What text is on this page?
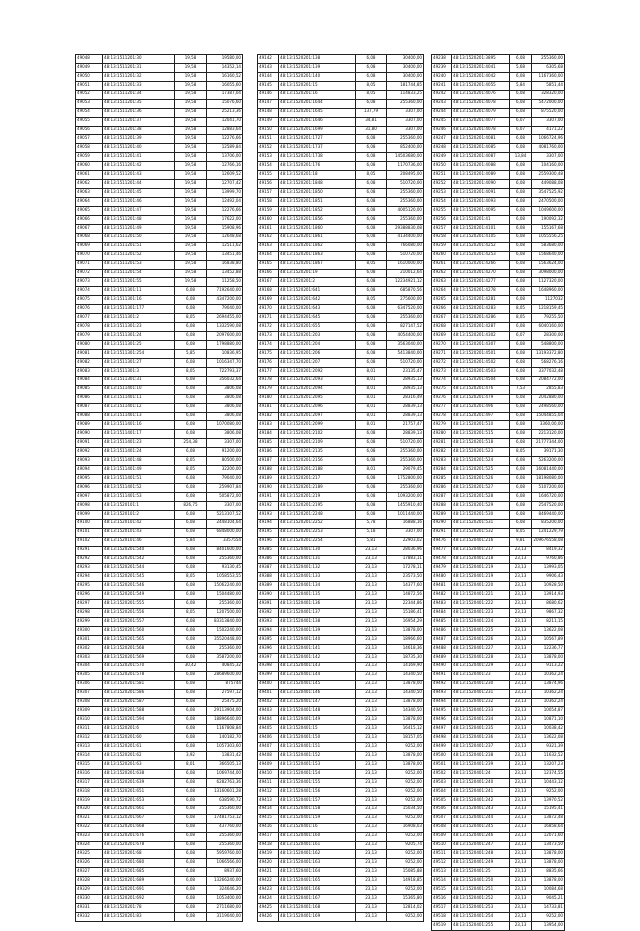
49048	48:13:1511201:30	19,58	19580,00
49049	48:13:1511201:31	19,58	14352,14
49050	48:13:1511201:32	19,58	16160,52
49051	48:13:1511201:33	19,58	16055,60
49052	48:13:1511201:34	19,58	17387,04
49053	48:13:1511201:35	19,58	15076,60
49054	48:13:1511201:36	19,58	25213,36
49055	48:13:1511201:37	19,58	12041,70
49056	48:13:1511201:38	19,58	12883,64
49057	48:13:1511201:39	19,58	12276,66
49058	48:13:1511201:40	19,58	12589,84
49059	48:13:1511201:41	19,58	13706,00
49060	48:13:1511201:42	19,58	12766,16
49061	48:13:1511201:43	19,58	12609,52
49062	48:13:1511201:44	19,58	12707,42
49063	48:13:1511201:45	19,58	13999,70
49064	48:13:1511201:46	19,58	12492,04
49065	48:13:1511201:47	19,58	12276,66
49066	48:13:1511201:48	19,58	17622,00
49067	48:13:1511201:49	19,58	15908,96
49068	48:13:1511201:50	19,58	12648,68
49069	48:13:1511201:51	19,58	12511,62
49070	48:13:1511201:52	19,58	13451,46
49071	48:13:1511201:53	19,58	16838,80
49072	48:13:1511201:54	19,58	13452,88
49073	48:13:1511201:55	19,58	11258,50
49074	48:13:1511301:11	6,08	7192640,00
49075	48:13:1511301:16	6,08	4347200,00
49076	48:13:1511301:177	6,08	79040,00
49077	48:13:1511301:2	8,05	2694455,00
49078	48:13:1511301:23	6,08	1332590,08
49079	48:13:1511301:24	6,08	2097600,00
49080	48:13:1511301:25	6,08	1798880,00
49081	48:13:1511301:254	5,85	10836,95
49082	48:13:1511301:27	6,08	1016347,70
49083	48:13:1511301:3	8,05	722793,37
49084	48:13:1511301:31	6,08	356032,64
49085	48:13:1511401:10	6,08	3806,08
49086	48:13:1511401:11	6,08	3806,08
49087	48:13:1511401:12	6,08	3806,08
49088	48:13:1511401:13	6,08	3806,08
49089	48:13:1511401:16	6,08	1070080,00
49090	48:13:1511401:17	6,08	3806,08
49091	48:13:1511401:23	254,38	3307,00
49092	48:13:1511401:24	6,08	91200,00
49093	48:13:1511401:48	8,05	80500,00
49094	48:13:1511401:49	8,05	32200,00
49095	48:13:1511401:51	6,08	79040,00
49096	48:13:1511401:52	6,08	259907,84
49097	48:13:1511401:53	6,08	505872,00
49098	48:13:1520101:1	826,75	3307,00
49099	48:13:1520101:2	6,08	5213107,52
49100	48:13:1520101:42	6,08	2448104,64
49101	48:13:1520101:43	6,08	6848000,00
49102	48:13:1520101:46	5,84	3357554
49291	48:13:1520201:540	6,08	8401600,00
49292	48:13:1520201:542	6,08	255360,00
49293	48:13:1520201:544	6,08	93130,45
49294	48:13:1520201:545	8,05	1058553,55
49295	48:13:1520201:546	6,08	15062240,00
49296	48:13:1520201:549	6,08	1504480,00
49297	48:13:1520201:555	6,08	255360,00
49298	48:13:1520201:556	8,05	1207500,00
49299	48:13:1520201:557	6,08	83313840,00
49300	48:13:1520201:560	6,08	1502240,00
49301	48:13:1520201:565	6,08	35520448,00
49302	48:13:1520201:568	6,08	255360,00
49303	48:13:1520201:569	6,08	3587200,00
49304	48:13:1520201:570	30,42	40845,32
49305	48:13:1520201:578	6,08	28689600,00
49306	48:13:1520201:581	6,08	875744
49307	48:13:1520201:586	6,08	27597,12
49308	48:13:1520201:587	6,08	25475,20
49309	48:13:1520201:588	6,08	29113904,00
49310	48:13:1520201:594	6,08	18896640,00
49311	48:13:1520201:6	6,08	1167808,84
49312	48:13:1520201:60	6,08	140182,70
49313	48:13:1520201:61	6,08	1057303,60
49314	48:13:1520201:62	3,92	13831,42
49315	48:13:1520201:63	8,01	366505,13
49316	48:13:1520201:638	6,08	1069744,00
49317	48:13:1520201:639	6,08	6282763,36
49318	48:13:1520201:651	6,08	13160601,28
49319	48:13:1520201:653	6,08	638590,72
49320	48:13:1520201:661	6,08	255360,00
49321	48:13:1520201:667	6,08	17481753,12
49322	48:13:1520201:668	6,08	437760,00
49323	48:13:1520201:676	6,08	255360,00
49324	48:13:1520201:678	6,08	255360,00
49325	48:13:1520201:68	6,08	5959760,00
49326	48:13:1520201:680	6,08	1066566,00
49327	48:13:1520201:685	6,08	8937,60
49328	48:13:1520201:689	6,08	13266240,00
49329	48:13:1520201:691	6,08	324646,20
49330	48:13:1520201:692	6,08	1053400,00
49331	48:13:1520201:78	6,08	2711680,00
49332	48:13:1520201:83	6,08	3119040,00
49142	48:13:1520201:138	6,08	30400,00
49143	48:13:1520201:139	6,08	30400,00
49144	48:13:1520201:140	6,08	30400,00
49145	48:13:1520201:15	8,05	181744,85
49146	48:13:1520201:16	8,05	114833,25
49147	48:13:1520201:1644	6,08	255360,00
49148	48:13:1520201:1645	137,79	3307,00
49149	48:13:1520201:1646	34,81	3307,00
49150	48:13:1520201:1699	31,80	3307,00
49151	48:13:1520201:1727	6,08	255360,00
49152	48:13:1520201:1737	6,08	852400,00
49153	48:13:1520201:1738	6,08	14503680,00
49154	48:13:1520201:176	6,08	1170736,00
49155	48:13:1520201:18	8,05	208495,00
49156	48:13:1520201:1848	6,08	510720,00
49157	48:13:1520201:1850	6,08	255360,00
49158	48:13:1520201:1851	6,08	255360,00
49159	48:13:1520201:1852	6,08	4005120,00
49160	48:13:1520201:1856	6,08	255360,00
49161	48:13:1520201:1860	6,08	29388830,08
49162	48:13:1520201:1861	6,08	4134400,00
49163	48:13:1520201:1862	6,08	766080,00
49164	48:13:1520201:1863	6,08	510720,00
49165	48:13:1520201:1867	8,05	1610000,00
49166	48:13:1520201:19	6,08	210012,64
49167	48:13:1520201:2	6,08	12234921,12
49168	48:13:1520201:641	6,08	685870,56
49169	48:13:1520201:642	8,05	275600,00
49170	48:13:1520201:643	6,08	6347520,00
49171	48:13:1520201:645	6,08	255360,00
49172	48:13:1520201:655	6,08	827147,52
49173	48:13:1520201:203	6,08	4054400,00
49174	48:13:1520201:204	6,08	3563040,00
49175	48:13:1520201:206	6,08	5413840,00
49176	48:13:1520201:207	6,08	510720,00
49177	48:13:1520201:2092	8,01	23135,47
49178	48:13:1520201:2093	8,01	28935,13
49179	48:13:1520201:2094	8,01	28935,13
49180	48:13:1520201:2095	8,01	28316,49
49181	48:13:1520201:2096	8,01	28839,13
49182	48:13:1520201:2097	8,01	28839,13
49183	48:13:1520201:2099	8,01	21757,47
49184	48:13:1520201:2102	6,08	28839,13
49185	48:13:1520201:2109	6,08	510720,00
49186	48:13:1520201:2135	6,08	255360,00
49187	48:13:1520201:2156	6,08	255360,00
49188	48:13:1520201:2188	8,01	29079,45
49189	48:13:1520201:217	6,08	1752800,00
49190	48:13:1520201:2189	6,08	255360,00
49191	48:13:1520201:219	6,08	1093200,00
49192	48:13:1520201:2195	6,08	1455910,40
49193	48:13:1520201:2248	6,08	1011440,00
49194	48:13:1520201:2252	5,78	16888,16
49195	48:13:1520201:2253	5,18	3307,00
49196	48:13:1520201:2254	5,81	22903,02
49385	48:13:1520401:130	23,13	28036,96
49386	48:13:1520401:131	23,13	17883,11
49387	48:13:1520401:132	23,13	17278,11
49388	48:13:1520401:133	23,13	23573,50
49389	48:13:1520401:134	23,13	14377,60
49390	48:13:1520401:135	23,13	14872,56
49391	48:13:1520401:136	23,13	22344,86
49392	48:13:1520401:137	23,13	15186,41
49393	48:13:1520401:138	23,13	16954,29
49394	48:13:1520401:139	23,13	13878,00
49395	48:13:1520401:140	23,13	18966,60
49396	48:13:1520401:141	23,13	14618,36
49397	48:13:1520401:142	23,13	18735,30
49398	48:13:1520401:143	23,13	14169,90
49399	48:13:1520401:144	23,13	14340,50
49400	48:13:1520401:145	23,13	13878,00
49401	48:13:1520401:146	23,13	14340,50
49402	48:13:1520401:147	23,13	13878,00
49403	48:13:1520401:148	23,13	14340,50
49404	48:13:1520401:149	23,13	13878,00
49405	48:13:1520401:15	23,13	16415,12
49406	48:13:1520401:150	23,13	18157,05
49407	48:13:1520401:151	23,13	9252,00
49408	48:13:1520401:152	23,13	13878,00
49409	48:13:1520401:153	23,13	13878,00
49410	48:13:1520401:154	23,13	9252,00
49411	48:13:1520401:155	23,13	9252,00
49412	48:13:1520401:156	23,13	9252,00
49413	48:13:1520401:157	23,13	9252,00
49414	48:13:1520401:158	23,13	15034,50
49415	48:13:1520401:159	23,13	9252,00
49416	48:13:1520401:16	23,13	16908,03
49417	48:13:1520401:160	23,13	9252,00
49418	48:13:1520401:161	23,13	9205,74
49419	48:13:1520401:162	23,13	9252,00
49420	48:13:1520401:163	23,13	9252,00
49421	48:13:1520401:164	23,13	15085,88
49422	48:13:1520401:165	23,13	14918,85
49423	48:13:1520401:166	23,13	9252,00
49424	48:13:1520401:167	23,13	15365,80
49425	48:13:1520401:168	23,13	12814,02
49426	48:13:1520401:169	23,13	9252,00
49238	48:13:1520201:3895	6,08	255360,00
49239	48:13:1520201:4041	5,68	6305,68
49240	48:13:1520201:4042	6,08	1167360,00
49241	48:13:1520201:4055	5,84	5851,44
49242	48:13:1520201:4076	6,08	328320,00
49243	48:13:1520201:4078	6,08	5472000,00
49244	48:13:1520201:4079	6,08	875520,00
49245	48:13:1520201:4077	6,07	3307,00
49246	48:13:1520201:4078	6,07	4171,22
49247	48:13:1520201:4081	6,08	1066724,96
49248	48:13:1520201:4085	6,08	4081760,00
49249	48:13:1520201:4087	13,84	3307,00
49250	48:13:1520201:4088	6,08	104160,00
49251	48:13:1520201:4089	6,08	2559300,48
49252	48:13:1520201:4090	6,08	449088,08
49253	48:13:1520201:4091	6,08	3547525,92
49254	48:13:1520201:4093	6,08	2470500,00
49255	48:13:1520201:4095	6,08	1049600,00
49256	48:13:1520201:41	6,08	190092,32
49257	48:13:1520201:4101	6,08	155167,68
49258	48:13:1520201:4105	6,08	1055556,25
49259	48:13:1520201:4252	6,08	583680,00
49260	48:13:1520201:4253	6,08	1568640,00
49261	48:13:1520201:4266	6,08	1563624,00
49262	48:13:1520201:4270	6,08	3098000,00
49263	48:13:1520201:4277	6,08	1127320,00
49264	48:13:1520201:4278	6,08	1648960,00
49265	48:13:1520201:4281	6,08	1127032
49266	48:13:1520201:4283	8,05	1218159,45
49267	48:13:1520201:4286	8,05	79255,50
49268	48:13:1520201:4287	6,08	6040160,00
49269	48:13:1520201:4302	6,07	28300,00
49270	48:13:1520201:4307	6,08	548800,00
49271	48:13:1520201:4501	6,08	13193372,80
49272	48:13:1520201:4502	6,08	568276,16
49273	48:13:1520201:4503	6,08	3377032,48
49274	48:13:1520201:4504	6,08	2084772,00
49275	48:13:1520201:476	7,53	2855,83
49276	48:13:1520201:479	6,08	2042880,00
49277	48:13:1520201:496	6,08	2498560,00
49278	48:13:1520201:497	6,08	15044855,04
49279	48:13:1520201:510	6,08	3360,00,00
49280	48:13:1520201:515	6,08	2213120,00
49281	48:13:1520201:518	6,08	21777344,00
49282	48:13:1520201:523	8,05	39171,30
49283	48:13:1520201:524	6,08	5263200,00
49284	48:13:1520201:525	6,08	16081440,00
49285	48:13:1520201:526	6,08	18198080,00
49286	48:13:1520201:527	6,08	5107200,00
49287	48:13:1520201:528	6,08	1646720,00
49288	48:13:1520201:529	6,08	2547520,00
49289	48:13:1520201:530	6,08	8469440,00
49290	48:13:1520201:531	6,08	835200,00
49291	48:13:1520201:532	8,05	1241229,79
49476	48:13:1520401:216	9,81	209676558,08
49477	48:13:1520401:217	23,13	8419,32
49478	48:13:1520401:218	23,13	9760,86
49479	48:13:1520401:219	23,13	13993,05
49480	48:13:1520401:219	23,13	9906,43
49481	48:13:1520401:220	23,13	10928,50
49482	48:13:1520401:221	23,13	13914,93
49483	48:13:1520401:222	23,13	8680,62
49484	48:13:1520401:223	23,13	9867,32
49485	48:13:1520401:224	23,13	8211,15
49486	48:13:1520401:225	23,13	13622,08
49487	48:13:1520401:226	23,13	10567,89
49488	48:13:1520401:227	23,13	12236,77
49489	48:13:1520401:228	23,13	13878,00
49490	48:13:1520401:229	23,13	9113,22
49491	48:13:1520401:23	23,13	10362,24
49492	48:13:1520401:230	23,13	13874,96
49493	48:13:1520401:231	23,13	10362,24
49494	48:13:1520401:232	23,13	10362,24
49495	48:13:1520401:233	23,13	10054,87
49496	48:13:1520401:234	23,13	10871,10
49497	48:13:1520401:235	23,13	10038,42
49498	48:13:1520401:236	23,13	13622,08
49499	48:13:1520401:237	23,13	9321,39
49500	48:13:1520401:238	23,13	11632,52
49501	48:13:1520401:239	23,13	13207,23
49502	48:13:1520401:24	23,13	12374,55
49503	48:13:1520401:240	23,13	10443,12
49504	48:13:1520401:241	23,13	9252,00
49505	48:13:1520401:242	23,13	13970,52
49506	48:13:1520401:243	23,13	15195,41
49507	48:13:1520401:244	23,13	13872,48
49508	48:13:1520401:245	23,13	16858,64
49509	48:13:1520401:246	23,13	12071,60
49510	48:13:1520401:247	23,13	13473,50
49511	48:13:1520401:248	23,13	13878,00
49512	48:13:1520401:249	23,13	13878,00
49513	48:13:1520401:25	23,13	8835,66
49514	48:13:1520401:250	23,13	13878,00
49515	48:13:1520401:251	23,13	10084,68
49516	48:13:1520401:252	23,13	9045,21
49517	48:13:1520401:253	23,13	14733,81
49518	48:13:1520401:254	23,13	9252,00
49519	48:13:1520401:255	23,13	13954,00
